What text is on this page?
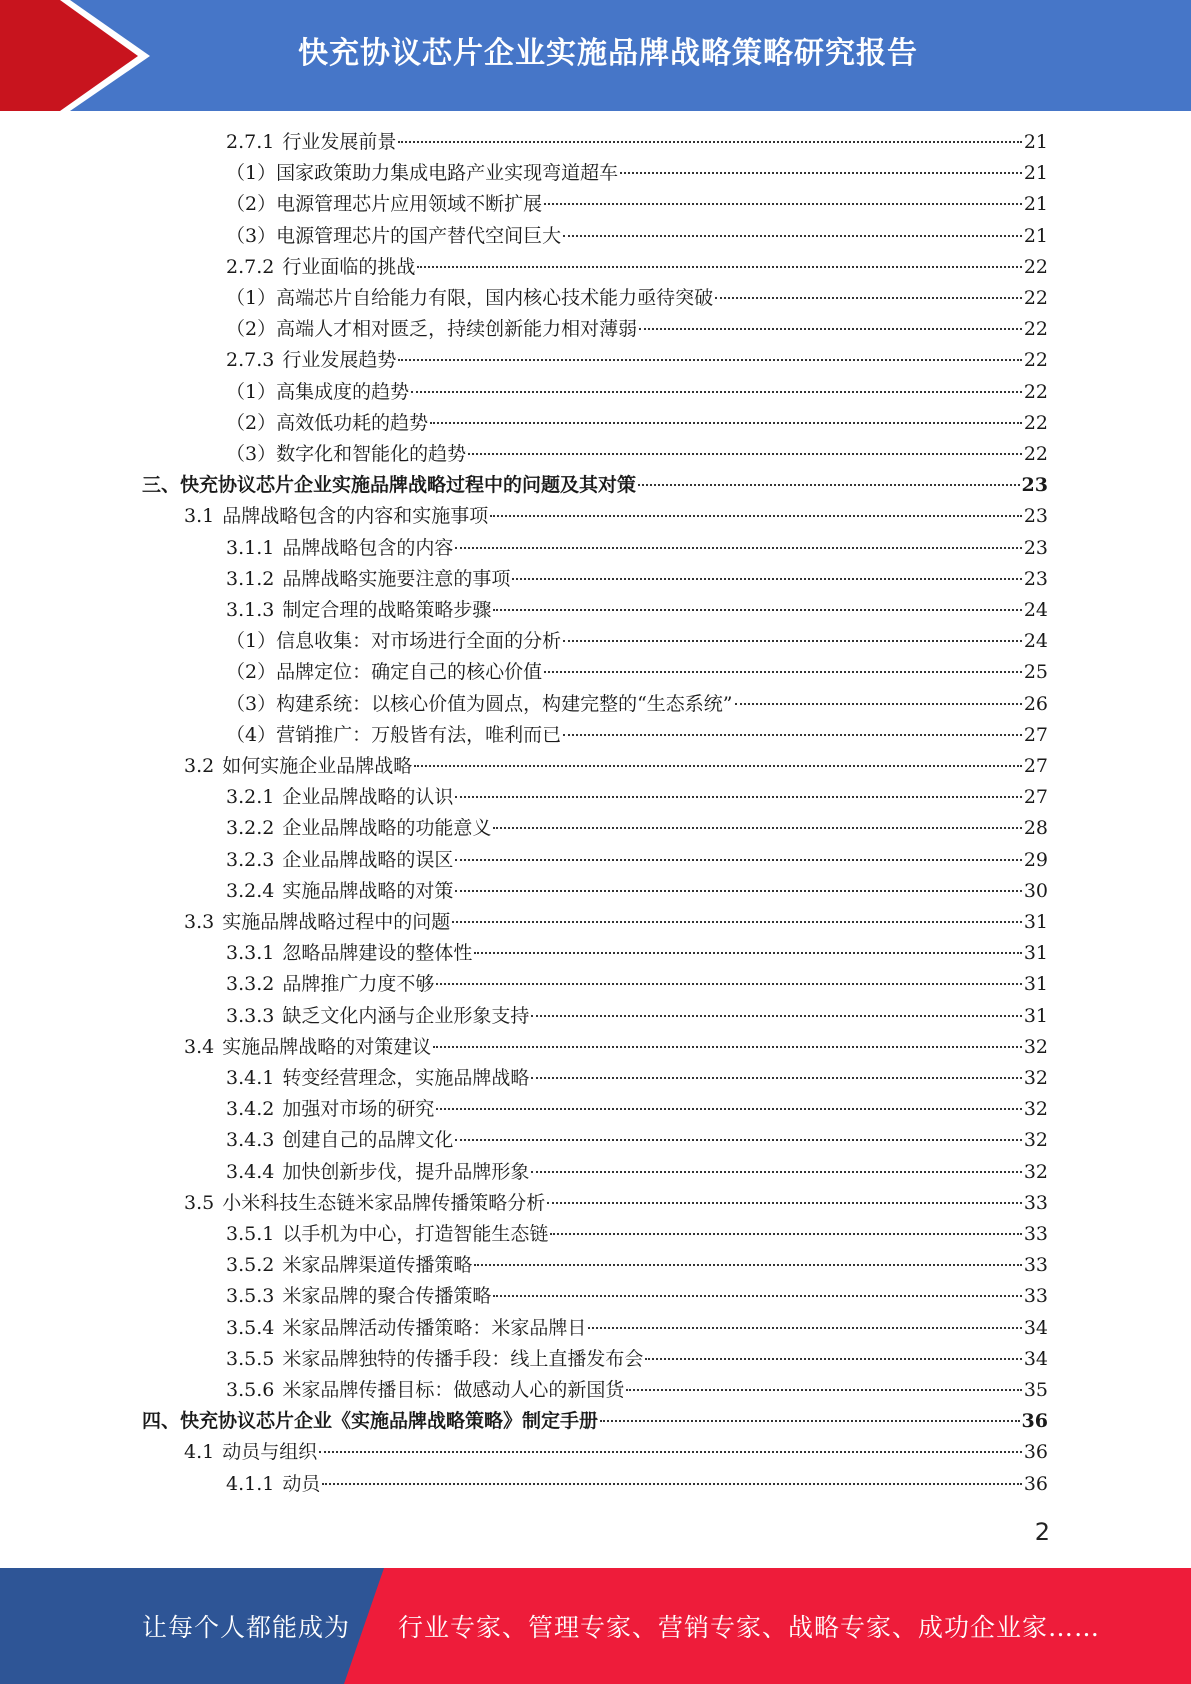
快充协议芯片企业实施品牌战略策略研究报告
2.7.1 行业发展前景	21
（1） 国家政策助力集成电路产业实现弯道超车	21
（2） 电源管理芯片应用领域不断扩展	21
（3） 电源管理芯片的国产替代空间巨大	21
2.7.2 行业面临的挑战	22
（1） 高端芯片自给能力有限，国内核心技术能力亟待突破	22
（2） 高端人才相对匮乏，持续创新能力相对薄弱	22
2.7.3 行业发展趋势	22
（1） 高集成度的趋势	22
（2） 高效低功耗的趋势	22
（3） 数字化和智能化的趋势	22
三、 快充协议芯片企业实施品牌战略过程中的问题及其对策	23
3.1 品牌战略包含的内容和实施事项	23
3.1.1 品牌战略包含的内容	23
3.1.2 品牌战略实施要注意的事项	23
3.1.3 制定合理的战略策略步骤	24
（1） 信息收集：对市场进行全面的分析	24
（2） 品牌定位：确定自己的核心价值	25
（3） 构建系统：以核心价值为圆点，构建完整的“生态系统”	26
（4） 营销推广：万般皆有法，唯利而已	27
3.2 如何实施企业品牌战略	27
3.2.1 企业品牌战略的认识	27
3.2.2 企业品牌战略的功能意义	28
3.2.3 企业品牌战略的误区	29
3.2.4 实施品牌战略的对策	30
3.3 实施品牌战略过程中的问题	31
3.3.1 忽略品牌建设的整体性	31
3.3.2 品牌推广力度不够	31
3.3.3 缺乏文化内涵与企业形象支持	31
3.4 实施品牌战略的对策建议	32
3.4.1 转变经营理念，实施品牌战略	32
3.4.2 加强对市场的研究	32
3.4.3 创建自己的品牌文化	32
3.4.4 加快创新步伐，提升品牌形象	32
3.5 小米科技生态链米家品牌传播策略分析	33
3.5.1 以手机为中心，打造智能生态链	33
3.5.2 米家品牌渠道传播策略	33
3.5.3 米家品牌的聚合传播策略	33
3.5.4 米家品牌活动传播策略：米家品牌日	34
3.5.5 米家品牌独特的传播手段：线上直播发布会	34
3.5.6 米家品牌传播目标：做感动人心的新国货	35
四、 快充协议芯片企业《实施品牌战略策略》制定手册	36
4.1 动员与组织	36
4.1.1 动员	36
2
让每个人都能成为 行业专家、管理专家、营销专家、战略专家、成功企业家……
